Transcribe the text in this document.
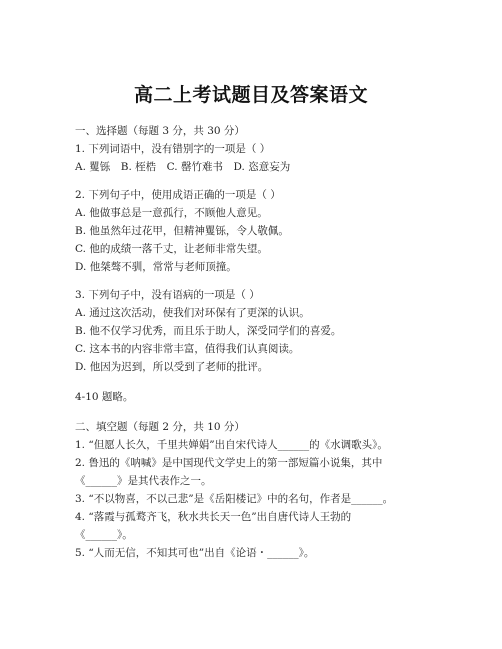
高二上考试题目及答案语文
一、选择题（每题 3 分，共 30 分）
1. 下列词语中，没有错别字的一项是（ ）
A. 矍铄　B. 桎梏　C. 罄竹难书　D. 恣意妄为
2. 下列句子中，使用成语正确的一项是（ ）
A. 他做事总是一意孤行，不顾他人意见。
B. 他虽然年过花甲，但精神矍铄，令人敬佩。
C. 他的成绩一落千丈，让老师非常失望。
D. 他桀骜不驯，常常与老师顶撞。
3. 下列句子中，没有语病的一项是（ ）
A. 通过这次活动，使我们对环保有了更深的认识。
B. 他不仅学习优秀，而且乐于助人，深受同学们的喜爱。
C. 这本书的内容非常丰富，值得我们认真阅读。
D. 他因为迟到，所以受到了老师的批评。
4-10 题略。
二、填空题（每题 2 分，共 10 分）
1. “但愿人长久，千里共婵娟”出自宋代诗人______的《水调歌头》。
2. 鲁迅的《呐喊》是中国现代文学史上的第一部短篇小说集，其中
《______》是其代表作之一。
3. “不以物喜，不以己悲”是《岳阳楼记》中的名句，作者是______。
4. “落霞与孤鹜齐飞，秋水共长天一色”出自唐代诗人王勃的
《______》。
5. “人而无信，不知其可也”出自《论语・______》。
